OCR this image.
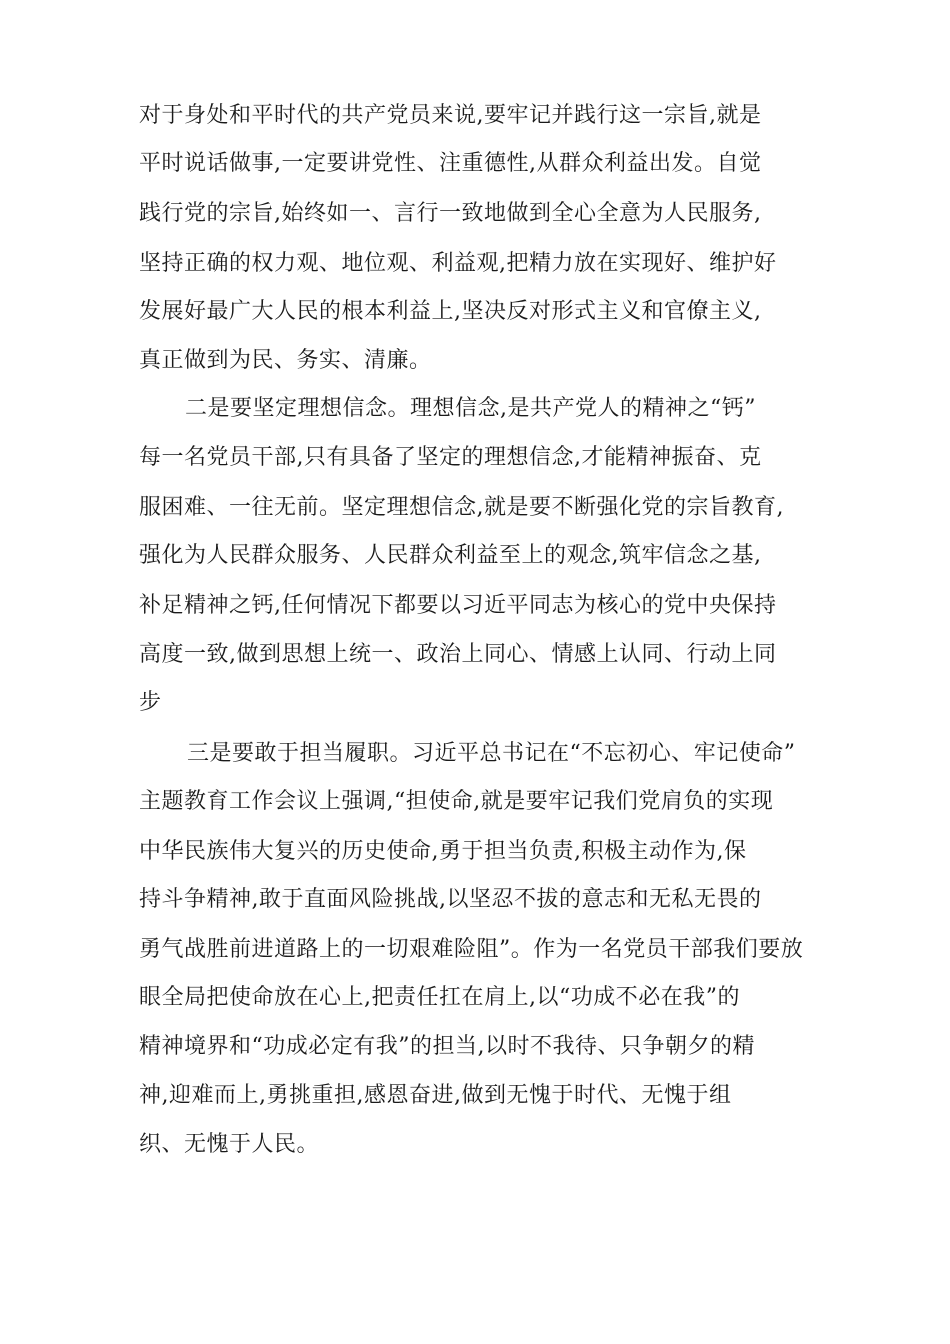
对于身处和平时代的共产党员来说,要牢记并践行这一宗旨,就是
平时说话做事,一定要讲党性、注重德性,从群众利益出发。自觉
践行党的宗旨,始终如一、言行一致地做到全心全意为人民服务,
坚持正确的权力观、地位观、利益观,把精力放在实现好、维护好
发展好最广大人民的根本利益上,坚决反对形式主义和官僚主义,
真正做到为民、务实、清廉。
二是要坚定理想信念。理想信念,是共产党人的精神之“钙”
每一名党员干部,只有具备了坚定的理想信念,才能精神振奋、克
服困难、一往无前。坚定理想信念,就是要不断强化党的宗旨教育,
强化为人民群众服务、人民群众利益至上的观念,筑牢信念之基,
补足精神之钙,任何情况下都要以习近平同志为核心的党中央保持
高度一致,做到思想上统一、政治上同心、情感上认同、行动上同
步
三是要敢于担当履职。习近平总书记在“不忘初心、牢记使命”
主题教育工作会议上强调,“担使命,就是要牢记我们党肩负的实现
中华民族伟大复兴的历史使命,勇于担当负责,积极主动作为,保
持斗争精神,敢于直面风险挑战,以坚忍不拔的意志和无私无畏的
勇气战胜前进道路上的一切艰难险阻”。作为一名党员干部我们要放
眼全局把使命放在心上,把责任扛在肩上,以“功成不必在我”的
精神境界和“功成必定有我”的担当,以时不我待、只争朝夕的精
神,迎难而上,勇挑重担,感恩奋进,做到无愧于时代、无愧于组
织、无愧于人民。
